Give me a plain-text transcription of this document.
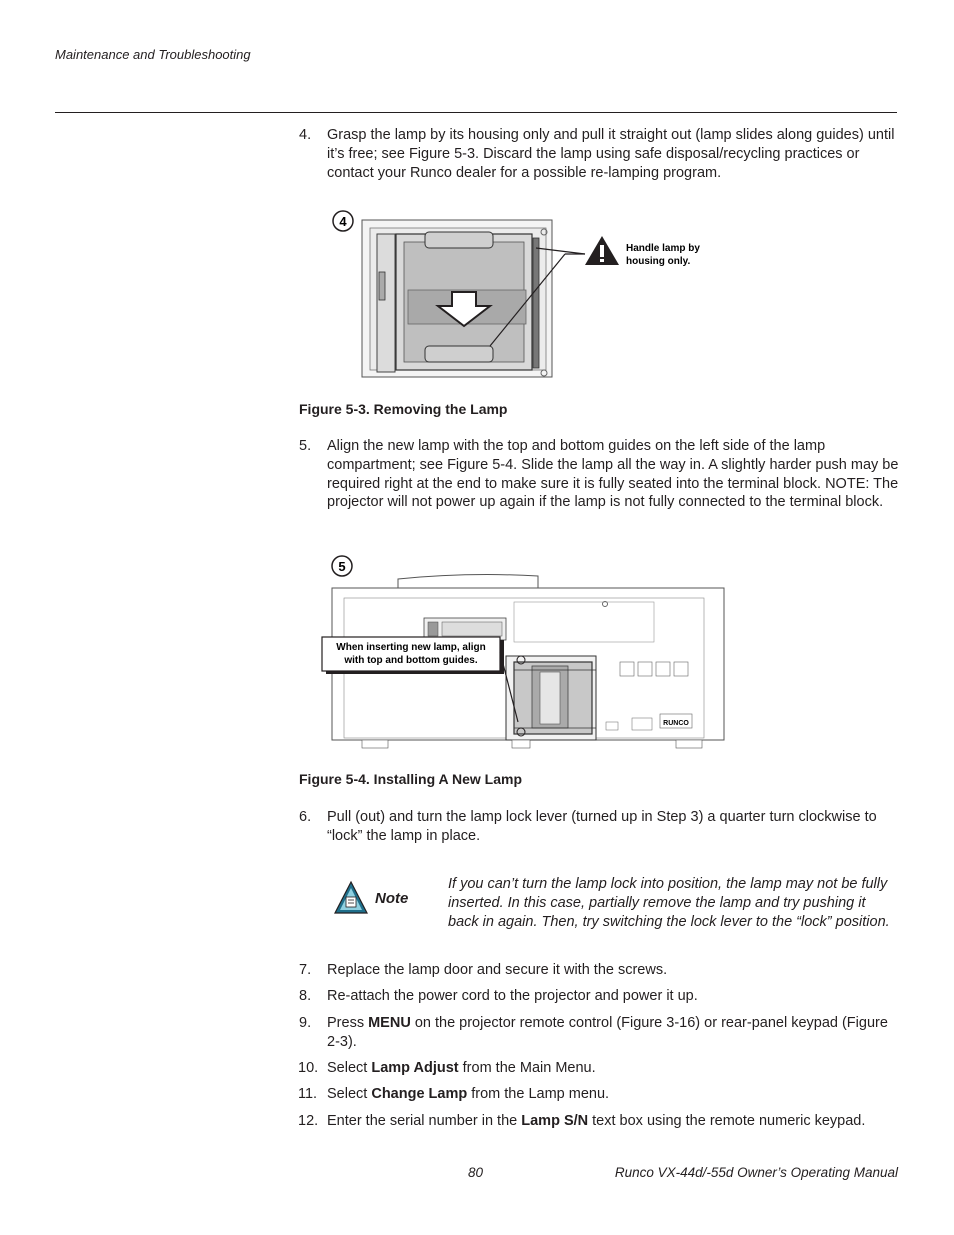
Maintenance and Troubleshooting
4.	Grasp the lamp by its housing only and pull it straight out (lamp slides along guides) until it’s free; see Figure 5-3. Discard the lamp using safe disposal/recycling practices or contact your Runco dealer for a possible re-lamping program.
4
Handle lamp by
housing only.
Figure 5-3. Removing the Lamp
5.	Align the new lamp with the top and bottom guides on the left side of the lamp compartment; see Figure 5-4. Slide the lamp all the way in. A slightly harder push may be required right at the end to make sure it is fully seated into the terminal block. NOTE: The projector will not power up again if the lamp is not fully connected to the terminal block.
5
RUNCO
When inserting new lamp, align
with top and bottom guides.
Figure 5-4. Installing A New Lamp
6.	Pull (out) and turn the lamp lock lever (turned up in Step 3) a quarter turn clockwise to “lock” the lamp in place.
Note
If you can’t turn the lamp lock into position, the lamp may not be fully inserted. In this case, partially remove the lamp and try pushing it back in again. Then, try switching the lock lever to the “lock” position.
7.	Replace the lamp door and secure it with the screws.
8.	Re-attach the power cord to the projector and power it up.
9.	Press MENU on the projector remote control (Figure 3-16) or rear-panel keypad (Figure 2-3).
10. Select Lamp Adjust from the Main Menu.
11. Select Change Lamp from the Lamp menu.
12. Enter the serial number in the Lamp S/N text box using the remote numeric keypad.
80	Runco VX-44d/-55d Owner’s Operating Manual
